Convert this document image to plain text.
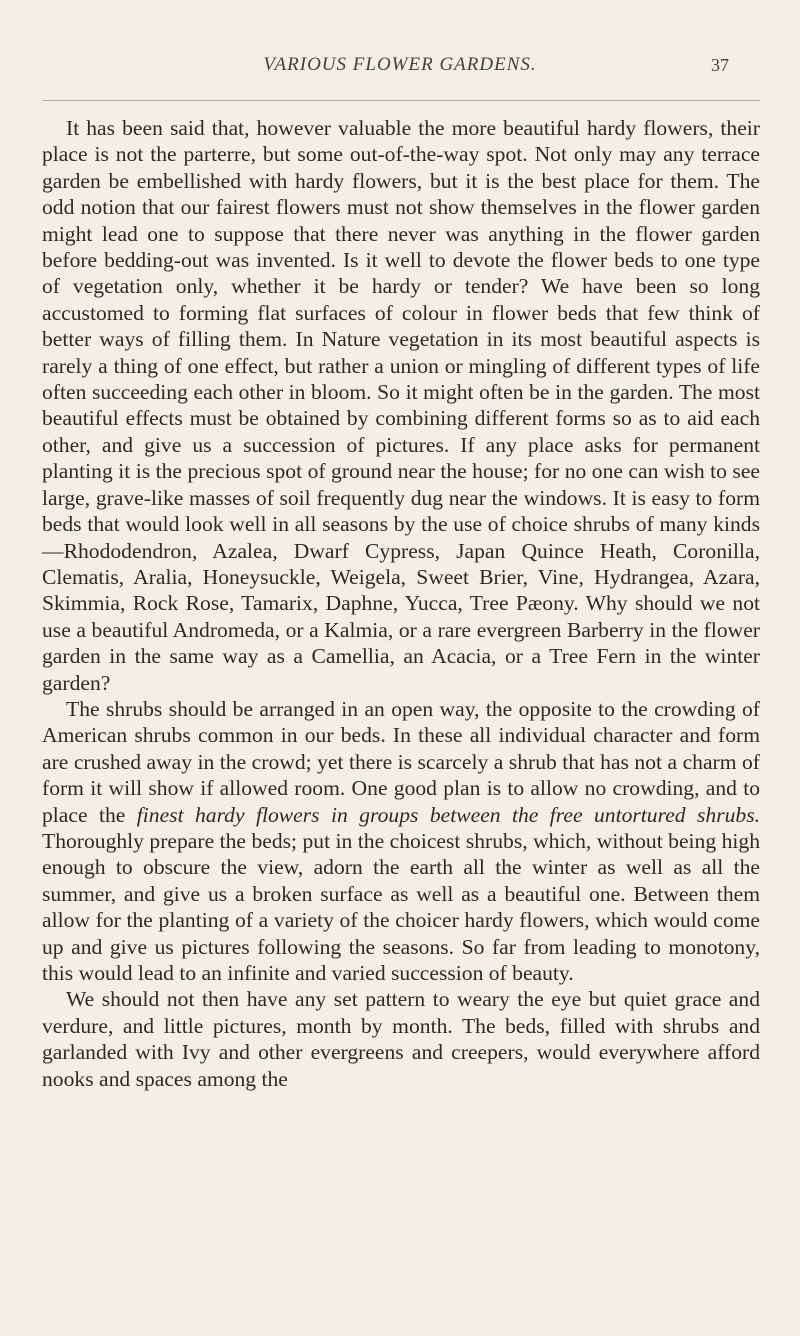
VARIOUS FLOWER GARDENS.	37

It has been said that, however valuable the more beautiful hardy flowers, their place is not the parterre, but some out-of-the-way spot. Not only may any terrace garden be embellished with hardy flowers, but it is the best place for them. The odd notion that our fairest flowers must not show themselves in the flower garden might lead one to suppose that there never was anything in the flower garden before bedding-out was invented. Is it well to devote the flower beds to one type of vegetation only, whether it be hardy or tender? We have been so long accustomed to forming flat surfaces of colour in flower beds that few think of better ways of filling them. In Nature vegetation in its most beautiful aspects is rarely a thing of one effect, but rather a union or mingling of different types of life often succeeding each other in bloom. So it might often be in the garden. The most beautiful effects must be obtained by combining different forms so as to aid each other, and give us a succession of pictures. If any place asks for permanent planting it is the precious spot of ground near the house; for no one can wish to see large, grave-like masses of soil frequently dug near the windows. It is easy to form beds that would look well in all seasons by the use of choice shrubs of many kinds—Rhododendron, Azalea, Dwarf Cypress, Japan Quince Heath, Coronilla, Clematis, Aralia, Honeysuckle, Weigela, Sweet Brier, Vine, Hydrangea, Azara, Skimmia, Rock Rose, Tamarix, Daphne, Yucca, Tree Pæony. Why should we not use a beautiful Andromeda, or a Kalmia, or a rare evergreen Barberry in the flower garden in the same way as a Camellia, an Acacia, or a Tree Fern in the winter garden?

The shrubs should be arranged in an open way, the opposite to the crowding of American shrubs common in our beds. In these all individual character and form are crushed away in the crowd; yet there is scarcely a shrub that has not a charm of form it will show if allowed room. One good plan is to allow no crowding, and to place the finest hardy flowers in groups between the free untortured shrubs. Thoroughly prepare the beds; put in the choicest shrubs, which, without being high enough to obscure the view, adorn the earth all the winter as well as all the summer, and give us a broken surface as well as a beautiful one. Between them allow for the planting of a variety of the choicer hardy flowers, which would come up and give us pictures following the seasons. So far from leading to monotony, this would lead to an infinite and varied succession of beauty.

We should not then have any set pattern to weary the eye but quiet grace and verdure, and little pictures, month by month. The beds, filled with shrubs and garlanded with Ivy and other evergreens and creepers, would everywhere afford nooks and spaces among the
